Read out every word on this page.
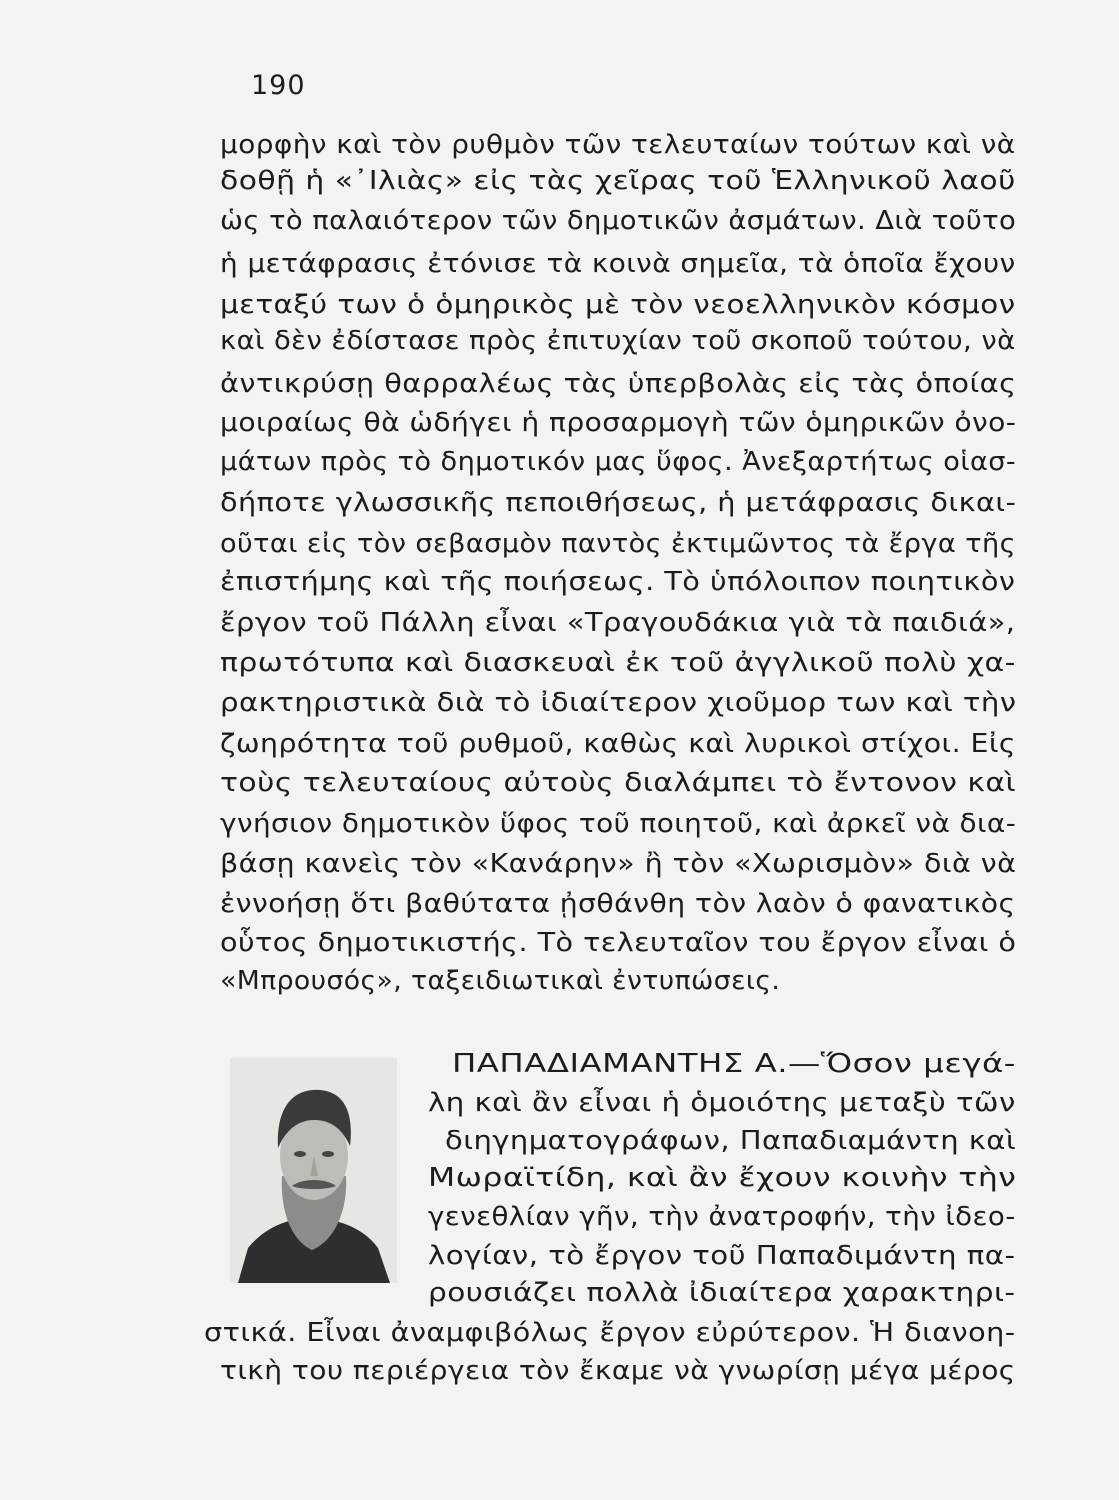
190
μορφὴν καὶ τὸν ρυθμὸν τῶν τελευταίων τούτων καὶ νὰ
δοθῇ ἡ «᾿Ιλιὰς» εἰς τὰς χεῖρας τοῦ Ἑλληνικοῦ λαοῦ
ὡς τὸ παλαιότερον τῶν δημοτικῶν ἀσμάτων. Διὰ τοῦτο
ἡ μετάφρασις ἐτόνισε τὰ κοινὰ σημεῖα, τὰ ὁποῖα ἔχουν
μεταξύ των ὁ ὁμηρικὸς μὲ τὸν νεοελληνικὸν κόσμον
καὶ δὲν ἐδίστασε πρὸς ἐπιτυχίαν τοῦ σκοποῦ τούτου, νὰ
ἀντικρύσῃ θαρραλέως τὰς ὑπερβολὰς εἰς τὰς ὁποίας
μοιραίως θὰ ὡδήγει ἡ προσαρμογὴ τῶν ὁμηρικῶν ὀνο-
μάτων πρὸς τὸ δημοτικόν μας ὕφος. Ἀνεξαρτήτως οἱασ-
δήποτε γλωσσικῆς πεποιθήσεως, ἡ μετάφρασις δικαι-
οῦται εἰς τὸν σεβασμὸν παντὸς ἐκτιμῶντος τὰ ἔργα τῆς
ἐπιστήμης καὶ τῆς ποιήσεως. Τὸ ὑπόλοιπον ποιητικὸν
ἔργον τοῦ Πάλλη εἶναι «Τραγουδάκια γιὰ τὰ παιδιά»,
πρωτότυπα καὶ διασκευαὶ ἐκ τοῦ ἀγγλικοῦ πολὺ χα-
ρακτηριστικὰ διὰ τὸ ἰδιαίτερον χιοῦμορ των καὶ τὴν
ζωηρότητα τοῦ ρυθμοῦ, καθὼς καὶ λυρικοὶ στίχοι. Εἰς
τοὺς τελευταίους αὐτοὺς διαλάμπει τὸ ἔντονον καὶ
γνήσιον δημοτικὸν ὕφος τοῦ ποιητοῦ, καὶ ἀρκεῖ νὰ δια-
βάσῃ κανεὶς τὸν «Κανάρην» ἢ τὸν «Χωρισμὸν» διὰ νὰ
ἐννοήσῃ ὅτι βαθύτατα ᾐσθάνθη τὸν λαὸν ὁ φανατικὸς
οὗτος δημοτικιστής. Τὸ τελευταῖον του ἔργον εἶναι ὁ
«Μπρουσός», ταξειδιωτικαὶ ἐντυπώσεις.
ΠΑΠΑΔΙΑΜΑΝΤΗΣ Α.—Ὅσον μεγά-
λη καὶ ἂν εἶναι ἡ ὁμοιότης μεταξὺ τῶν
διηγηματογράφων, Παπαδιαμάντη καὶ
Μωραϊτίδη, καὶ ἂν ἔχουν κοινὴν τὴν
γενεθλίαν γῆν, τὴν ἀνατροφήν, τὴν ἰδεο-
λογίαν, τὸ ἔργον τοῦ Παπαδιμάντη πα-
ρουσιάζει πολλὰ ἰδιαίτερα χαρακτηρι-
στικά. Εἶναι ἀναμφιβόλως ἔργον εὐρύτερον. Ἡ διανοη-
τικὴ του περιέργεια τὸν ἔκαμε νὰ γνωρίσῃ μέγα μέρος
